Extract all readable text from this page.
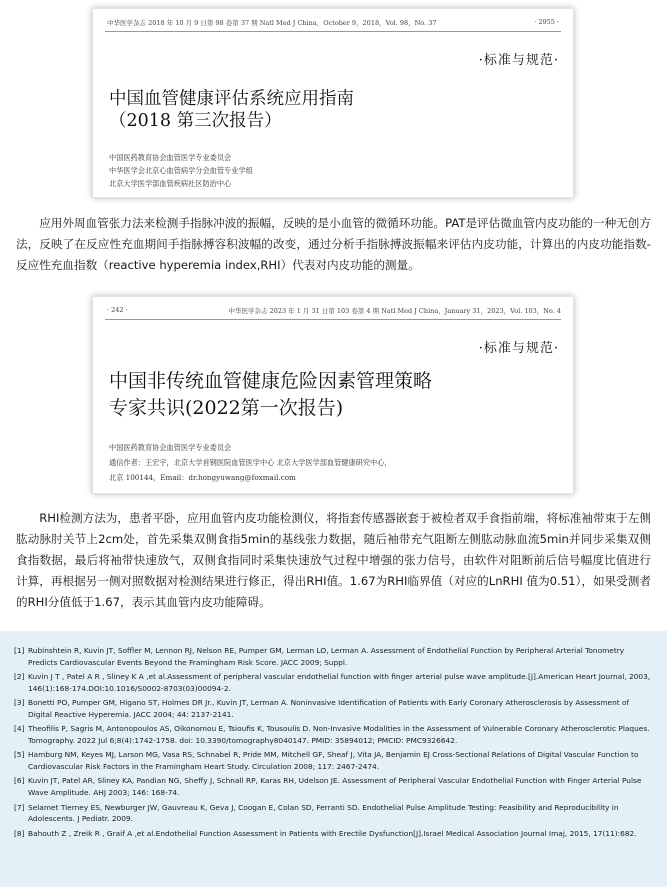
中华医学杂志 2018 年 10 月 9 日第 98 卷第 37 期 Natl Med J China，October 9，2018，Vol. 98，No. 37	· 2955 ·
·标准与规范·
中国血管健康评估系统应用指南
（2018 第三次报告）
中国医药教育协会血管医学专业委员会
中华医学会北京心血管病学分会血管专业学组
北京大学医学部血管疾病社区防治中心
应用外周血管张力法来检测手指脉冲波的振幅，反映的是小血管的微循环功能。PAT是评估微血管内皮功能的一种无创方法，反映了在反应性充血期间手指脉搏容积波幅的改变，通过分析手指脉搏波振幅来评估内皮功能，计算出的内皮功能指数-反应性充血指数（reactive hyperemia index,RHI）代表对内皮功能的测量。
· 242 ·	中华医学杂志 2023 年 1 月 31 日第 103 卷第 4 期 Natl Med J China，January 31，2023，Vol. 103，No. 4
·标准与规范·
中国非传统血管健康危险因素管理策略
专家共识(2022第一次报告)
中国医药教育协会血管医学专业委员会
通信作者：王宏宇，北京大学首钢医院血管医学中心 北京大学医学部血管健康研究中心，
北京 100144，Email：dr.hongyuwang@foxmail.com
RHI检测方法为，患者平卧，应用血管内皮功能检测仪，将指套传感器嵌套于被检者双手食指前端，将标准袖带束于左侧肱动脉肘关节上2cm处，首先采集双侧食指5min的基线张力数据，随后袖带充气阻断左侧肱动脉血流5min并同步采集双侧食指数据，最后将袖带快速放气，双侧食指同时采集快速放气过程中增强的张力信号，由软件对阻断前后信号幅度比值进行计算，再根据另一侧对照数据对检测结果进行修正，得出RHI值。1.67为RHI临界值（对应的LnRHI 值为0.51），如果受测者的RHI分值低于1.67，表示其血管内皮功能障碍。
[1] Rubinshtein R, Kuvin JT, Soffler M, Lennon RJ, Nelson RE, Pumper GM, Lerman LO, Lerman A. Assessment of Endothelial Function by Peripheral Arterial Tonometry Predicts Cardiovascular Events Beyond the Framingham Risk Score. JACC 2009; Suppl.
[2] Kuvin J T , Patel A R , Sliney K A ,et al.Assessment of peripheral vascular endothelial function with finger arterial pulse wave amplitude.[J].American Heart Journal, 2003, 146(1):168-174.DOI:10.1016/S0002-8703(03)00094-2.
[3] Bonetti PO, Pumper GM, Higano ST, Holmes DR Jr., Kuvin JT, Lerman A. Noninvasive Identification of Patients with Early Coronary Atherosclerosis by Assessment of Digital Reactive Hyperemia. JACC 2004; 44: 2137-2141.
[4] Theofilis P, Sagris M, Antonopoulos AS, Oikonomou E, Tsioufis K, Tousoulis D. Non-Invasive Modalities in the Assessment of Vulnerable Coronary Atherosclerotic Plaques. Tomography. 2022 Jul 6;8(4):1742-1758. doi: 10.3390/tomography8040147. PMID: 35894012; PMCID: PMC9326642.
[5] Hamburg NM, Keyes MJ, Larson MG, Vasa RS, Schnabel R, Pride MM, Mitchell GF, Sheaf J, Vita JA, Benjamin EJ Cross-Sectional Relations of Digital Vascular Function to Cardiovascular Risk Factors in the Framingham Heart Study. Circulation 2008; 117: 2467-2474.
[6] Kuvin JT, Patel AR, Sliney KA, Pandian NG, Sheffy J, Schnall RP, Karas RH, Udelson JE. Assessment of Peripheral Vascular Endothelial Function with Finger Arterial Pulse Wave Amplitude. AHJ 2003; 146: 168-74.
[7] Selamet Tierney ES, Newburger JW, Gauvreau K, Geva J, Coogan E, Colan SD, Ferranti SD. Endothelial Pulse Amplitude Testing: Feasibility and Reproducibility in Adolescents. J Pediatr. 2009.
[8] Bahouth Z , Zreik R , Graif A ,et al.Endothelial Function Assessment in Patients with Erectile Dysfunction[J].Israel Medical Association Journal Imaj, 2015, 17(11):682.
